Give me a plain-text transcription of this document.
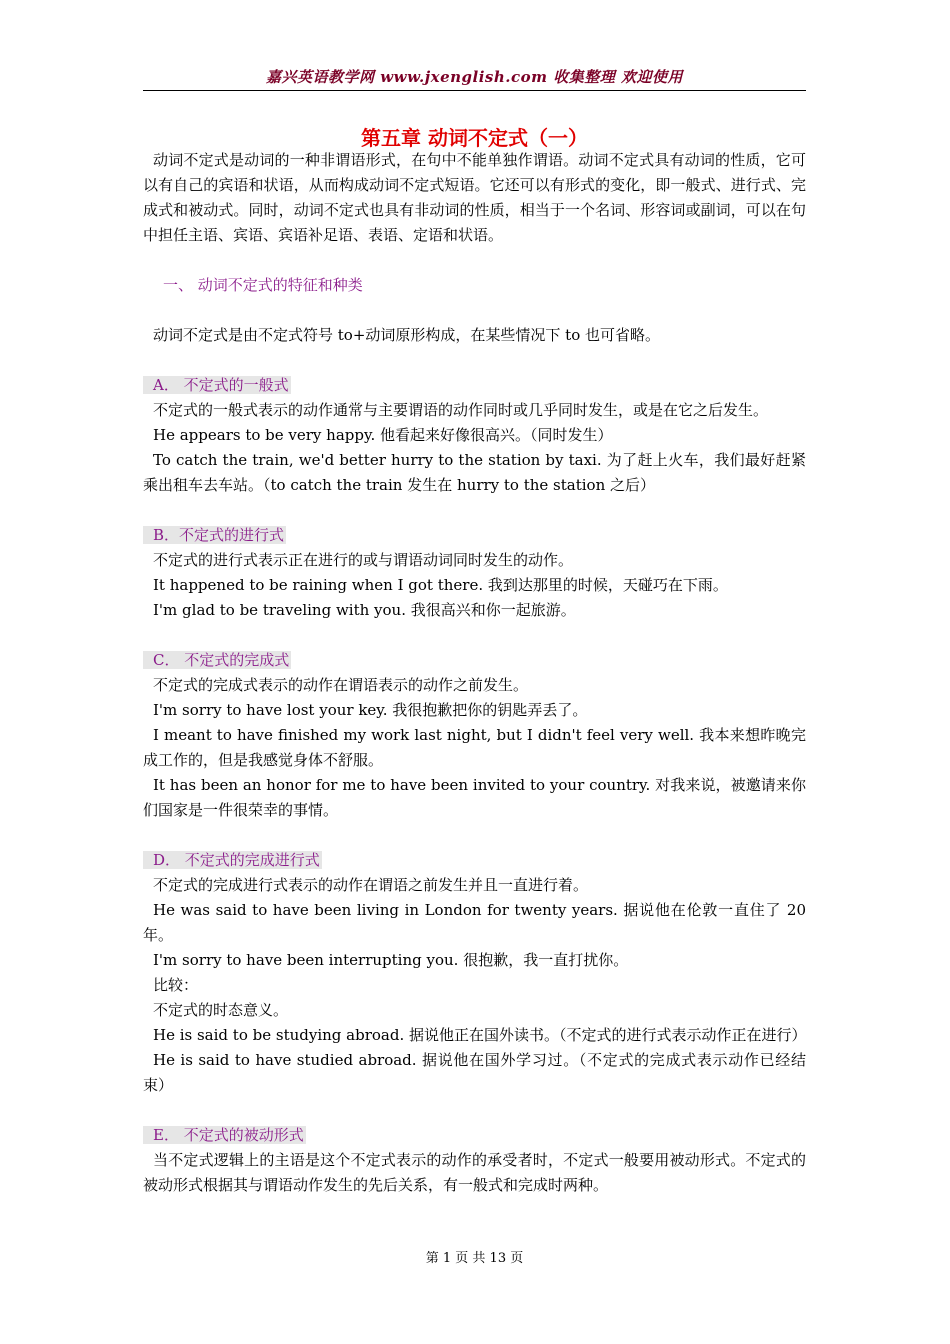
嘉兴英语教学网 www.jxenglish.com 收集整理 欢迎使用
第五章 动词不定式（一）

动词不定式是动词的一种非谓语形式，在句中不能单独作谓语。动词不定式具有动词的性质，它可以有自己的宾语和状语，从而构成动词不定式短语。它还可以有形式的变化，即一般式、进行式、完成式和被动式。同时，动词不定式也具有非动词的性质，相当于一个名词、形容词或副词，可以在句中担任主语、宾语、宾语补足语、表语、定语和状语。

一、 动词不定式的特征和种类

动词不定式是由不定式符号 to+动词原形构成，在某些情况下 to 也可省略。

A． 不定式的一般式

不定式的一般式表示的动作通常与主要谓语的动作同时或几乎同时发生，或是在它之后发生。

He appears to be very happy. 他看起来好像很高兴。（同时发生）

To catch the train, we'd better hurry to the station by taxi. 为了赶上火车，我们最好赶紧乘出租车去车站。（to catch the train 发生在 hurry to the station 之后）

B．不定式的进行式

不定式的进行式表示正在进行的或与谓语动词同时发生的动作。

It happened to be raining when I got there. 我到达那里的时候，天碰巧在下雨。

I'm glad to be traveling with you. 我很高兴和你一起旅游。

C． 不定式的完成式

不定式的完成式表示的动作在谓语表示的动作之前发生。

I'm sorry to have lost your key. 我很抱歉把你的钥匙弄丢了。

I meant to have finished my work last night, but I didn't feel very well. 我本来想昨晚完成工作的，但是我感觉身体不舒服。

It has been an honor for me to have been invited to your country. 对我来说，被邀请来你们国家是一件很荣幸的事情。

D． 不定式的完成进行式

不定式的完成进行式表示的动作在谓语之前发生并且一直进行着。

He was said to have been living in London for twenty years. 据说他在伦敦一直住了 20 年。

I'm sorry to have been interrupting you. 很抱歉，我一直打扰你。

比较：

不定式的时态意义。

He is said to be studying abroad. 据说他正在国外读书。（不定式的进行式表示动作正在进行）

He is said to have studied abroad. 据说他在国外学习过。（不定式的完成式表示动作已经结束）

E． 不定式的被动形式

当不定式逻辑上的主语是这个不定式表示的动作的承受者时，不定式一般要用被动形式。不定式的被动形式根据其与谓语动作发生的先后关系，有一般式和完成时两种。

第 1 页 共 13 页
